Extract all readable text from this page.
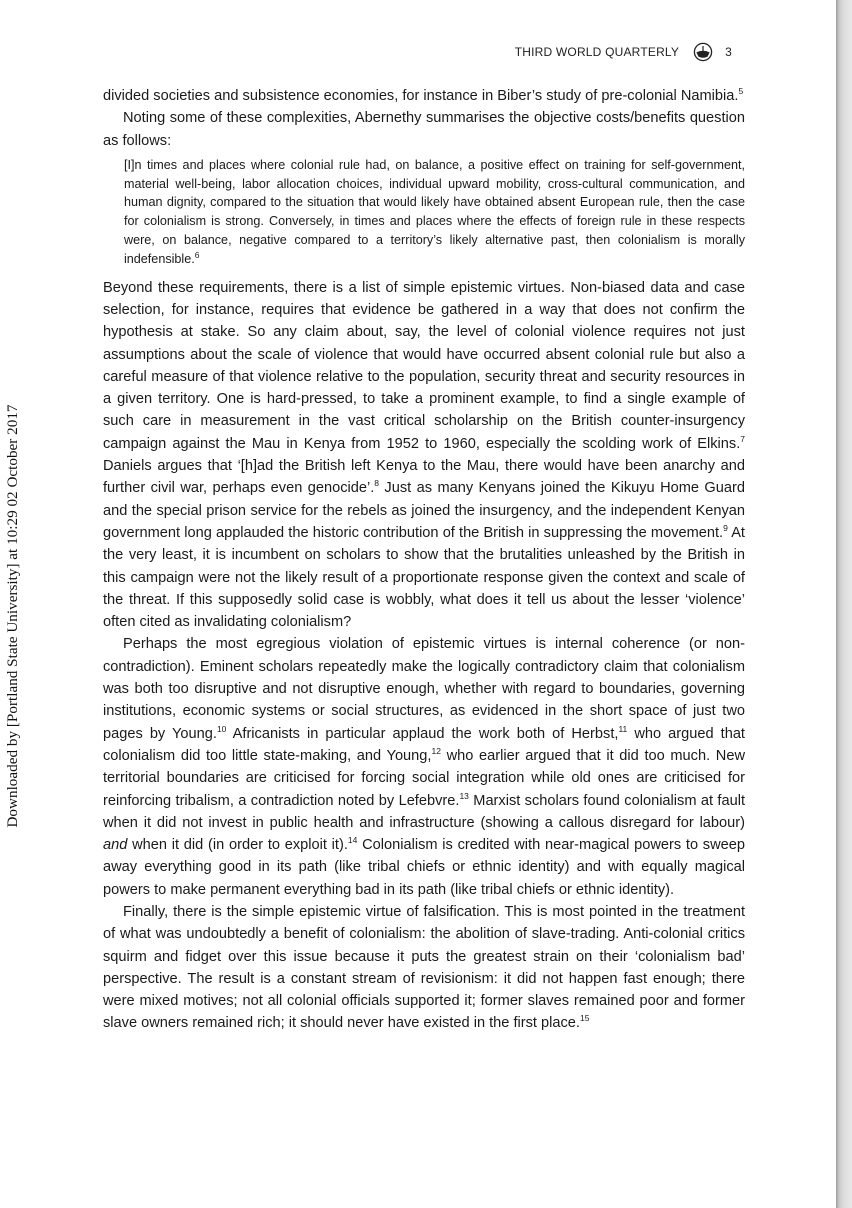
THIRD WORLD QUARTERLY	3
Downloaded by [Portland State University] at 10:29 02 October 2017

divided societies and subsistence economies, for instance in Biber’s study of pre-colonial Namibia.$^5$

Noting some of these complexities, Abernethy summarises the objective costs/benefits question as follows:

[I]n times and places where colonial rule had, on balance, a positive effect on training for self-government, material well-being, labor allocation choices, individual upward mobility, cross-cultural communication, and human dignity, compared to the situation that would likely have obtained absent European rule, then the case for colonialism is strong. Conversely, in times and places where the effects of foreign rule in these respects were, on balance, negative compared to a territory’s likely alternative past, then colonialism is morally indefensible.$^6$

Beyond these requirements, there is a list of simple epistemic virtues. Non-biased data and case selection, for instance, requires that evidence be gathered in a way that does not confirm the hypothesis at stake. So any claim about, say, the level of colonial violence requires not just assumptions about the scale of violence that would have occurred absent colonial rule but also a careful measure of that violence relative to the population, security threat and security resources in a given territory. One is hard-pressed, to take a prominent example, to find a single example of such care in measurement in the vast critical scholarship on the British counter-insurgency campaign against the Mau in Kenya from 1952 to 1960, especially the scolding work of Elkins.$^7$ Daniels argues that ‘[h]ad the British left Kenya to the Mau, there would have been anarchy and further civil war, perhaps even genocide’.$^8$ Just as many Kenyans joined the Kikuyu Home Guard and the special prison service for the rebels as joined the insurgency, and the independent Kenyan government long applauded the historic contribution of the British in suppressing the movement.$^9$ At the very least, it is incumbent on scholars to show that the brutalities unleashed by the British in this campaign were not the likely result of a proportionate response given the context and scale of the threat. If this supposedly solid case is wobbly, what does it tell us about the lesser ‘violence’ often cited as invalidating colonialism?

Perhaps the most egregious violation of epistemic virtues is internal coherence (or non-contradiction). Eminent scholars repeatedly make the logically contradictory claim that colonialism was both too disruptive and not disruptive enough, whether with regard to boundaries, governing institutions, economic systems or social structures, as evidenced in the short space of just two pages by Young.$^{10}$ Africanists in particular applaud the work both of Herbst,$^{11}$ who argued that colonialism did too little state-making, and Young,$^{12}$ who earlier argued that it did too much. New territorial boundaries are criticised for forcing social integration while old ones are criticised for reinforcing tribalism, a contradiction noted by Lefebvre.$^{13}$ Marxist scholars found colonialism at fault when it did not invest in public health and infrastructure (showing a callous disregard for labour) and when it did (in order to exploit it).$^{14}$ Colonialism is credited with near-magical powers to sweep away everything good in its path (like tribal chiefs or ethnic identity) and with equally magical powers to make permanent everything bad in its path (like tribal chiefs or ethnic identity).

Finally, there is the simple epistemic virtue of falsification. This is most pointed in the treatment of what was undoubtedly a benefit of colonialism: the abolition of slave-trading. Anti-colonial critics squirm and fidget over this issue because it puts the greatest strain on their ‘colonialism bad’ perspective. The result is a constant stream of revisionism: it did not happen fast enough; there were mixed motives; not all colonial officials supported it; former slaves remained poor and former slave owners remained rich; it should never have existed in the first place.$^{15}$
